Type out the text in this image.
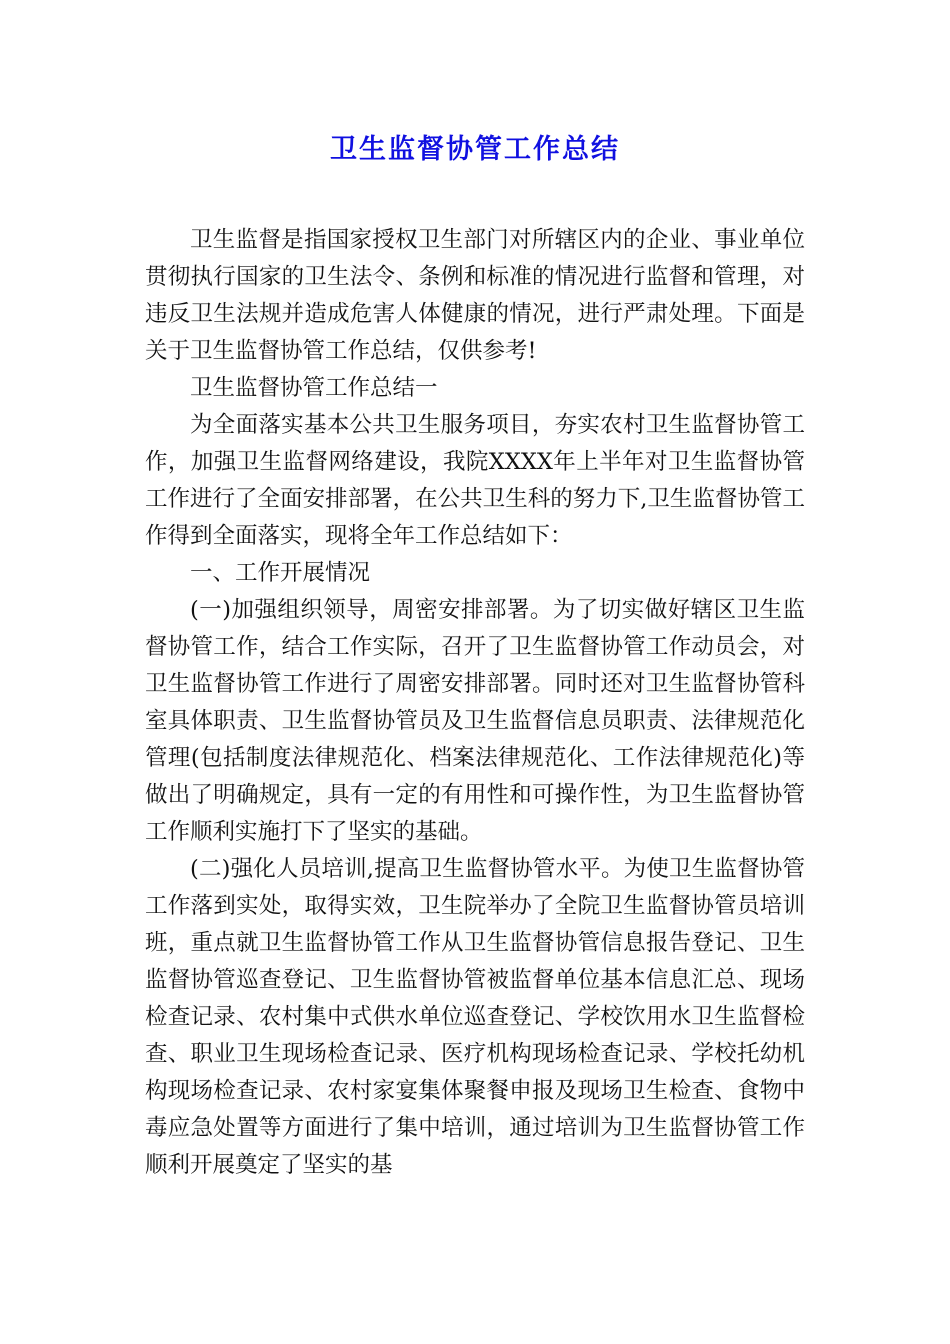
卫生监督协管工作总结

卫生监督是指国家授权卫生部门对所辖区内的企业、事业单位贯彻执行国家的卫生法令、条例和标准的情况进行监督和管理，对违反卫生法规并造成危害人体健康的情况，进行严肃处理。下面是关于卫生监督协管工作总结，仅供参考!

卫生监督协管工作总结一

为全面落实基本公共卫生服务项目，夯实农村卫生监督协管工作，加强卫生监督网络建设，我院XXXX年上半年对卫生监督协管工作进行了全面安排部署，在公共卫生科的努力下,卫生监督协管工作得到全面落实，现将全年工作总结如下：

一、工作开展情况

(一)加强组织领导，周密安排部署。为了切实做好辖区卫生监督协管工作，结合工作实际，召开了卫生监督协管工作动员会，对卫生监督协管工作进行了周密安排部署。同时还对卫生监督协管科室具体职责、卫生监督协管员及卫生监督信息员职责、法律规范化管理(包括制度法律规范化、档案法律规范化、工作法律规范化)等做出了明确规定，具有一定的有用性和可操作性，为卫生监督协管工作顺利实施打下了坚实的基础。

(二)强化人员培训,提高卫生监督协管水平。为使卫生监督协管工作落到实处，取得实效，卫生院举办了全院卫生监督协管员培训班，重点就卫生监督协管工作从卫生监督协管信息报告登记、卫生监督协管巡查登记、卫生监督协管被监督单位基本信息汇总、现场检查记录、农村集中式供水单位巡查登记、学校饮用水卫生监督检查、职业卫生现场检查记录、医疗机构现场检查记录、学校托幼机构现场检查记录、农村家宴集体聚餐申报及现场卫生检查、食物中毒应急处置等方面进行了集中培训，通过培训为卫生监督协管工作顺利开展奠定了坚实的基
